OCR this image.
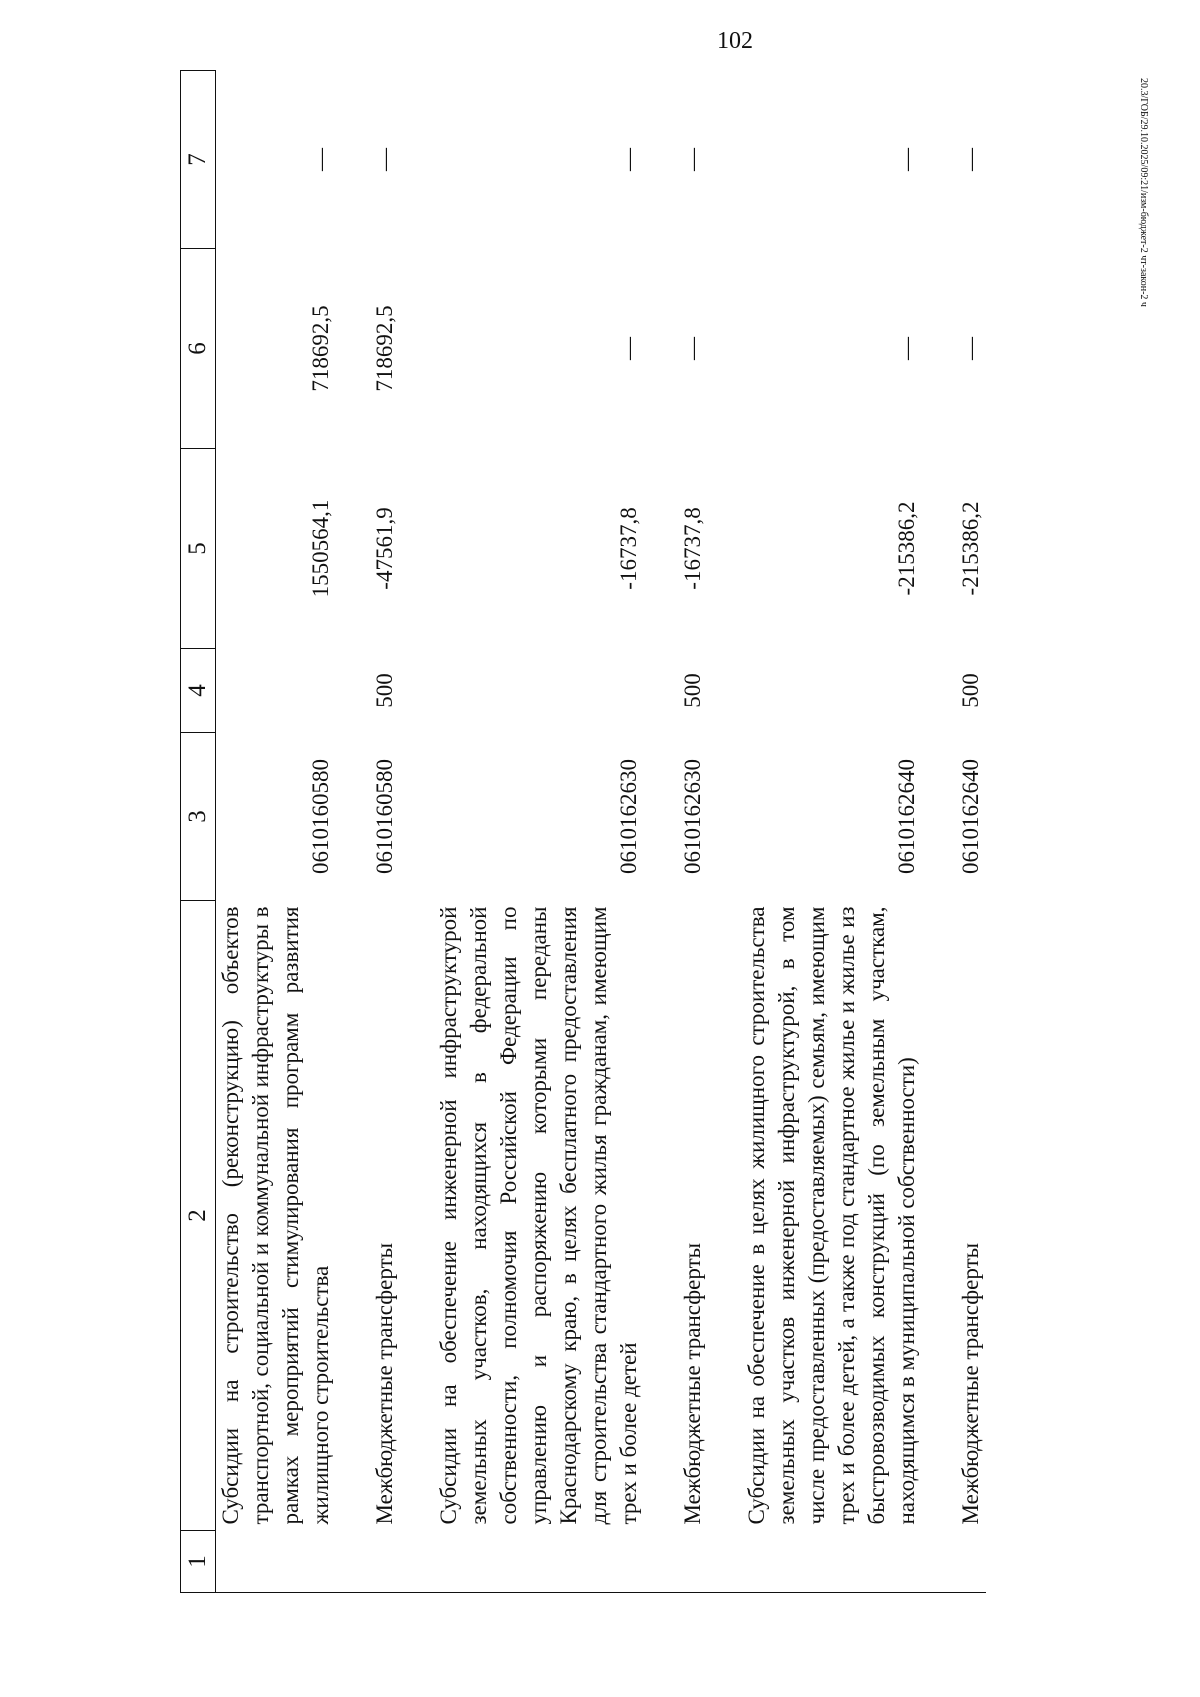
102
20.3/ГОБ/29.10.2025/09:21/изм-бюджет-2 чт-закон-2 ч
1	2	3	4	5	6	7
	Субсидии на строительство (реконструкцию) объектов транспортной, социальной и коммунальной инфраструктуры в рамках мероприятий стимулирования программ развития жилищного строительства	0610160580		1550564,1	718692,5	—

	Межбюджетные трансферты	0610160580	500	-47561,9	718692,5	—

	Субсидии на обеспечение инженерной инфраструктурой земельных участков, находящихся в федеральной собственности, полномочия Российской Федерации по управлению и распоряжению которыми переданы Краснодарскому краю, в целях бесплатного предоставления для строительства стандартного жилья гражданам, имеющим трех и более детей	0610162630		-16737,8	—	—

	Межбюджетные трансферты	0610162630	500	-16737,8	—	—

	Субсидии на обеспечение в целях жилищного строительства земельных участков инженерной инфраструктурой, в том числе предоставленных (предоставляемых) семьям, имеющим трех и более детей, а также под стандартное жилье и жилье из быстровозводимых конструкций (по земельным участкам, находящимся в муниципальной собственности)	0610162640		-215386,2	—	—

	Межбюджетные трансферты	0610162640	500	-215386,2	—	—
